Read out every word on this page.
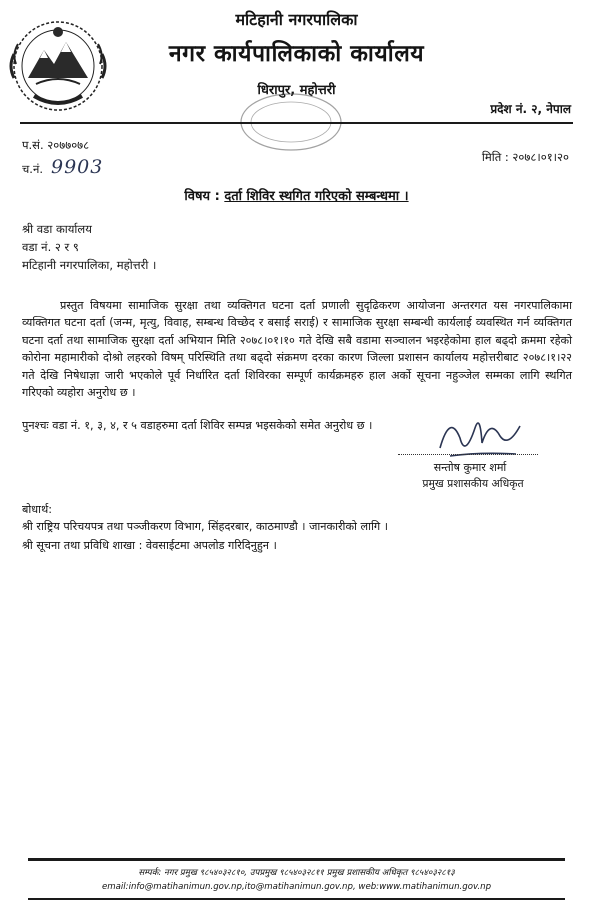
मटिहानी नगरपालिका
नगर कार्यपालिकाको कार्यालय
धिरापुर, महोत्तरी
प्रदेश नं. २, नेपाल
प.सं. २०७७०७८
च.नं. 9903	मिति : २०७८।०१।२०
विषय : दर्ता शिविर स्थगित गरिएको सम्बन्धमा ।
श्री वडा कार्यालय
वडा नं. २ र ९
मटिहानी नगरपालिका, महोत्तरी ।
प्रस्तुत विषयमा सामाजिक सुरक्षा तथा व्यक्तिगत घटना दर्ता प्रणाली सुदृढिकरण आयोजना अन्तरगत यस नगरपालिकामा व्यक्तिगत घटना दर्ता (जन्म, मृत्यु, विवाह, सम्बन्ध विच्छेद र बसाई सराई) र सामाजिक सुरक्षा सम्बन्धी कार्यलाई व्यवस्थित गर्न व्यक्तिगत घटना दर्ता तथा सामाजिक सुरक्षा दर्ता अभियान मिति २०७८।०१।१० गते देखि सबै वडामा सञ्चालन भइरहेकोमा हाल बढ्दो क्रममा रहेको कोरोना महामारीको दोश्रो लहरको विषम् परिस्थिति तथा बढ्दो संक्रमण दरका कारण जिल्ला प्रशासन कार्यालय महोत्तरीबाट २०७८।१।२२ गते देखि निषेधाज्ञा जारी भएकोले पूर्व निर्धारित दर्ता शिविरका सम्पूर्ण कार्यक्रमहरु हाल अर्को सूचना नहुञ्जेल सम्मका लागि स्थगित गरिएको व्यहोरा अनुरोध छ ।
पुनश्चः वडा नं. १, ३, ४, र ५ वडाहरुमा दर्ता शिविर सम्पन्न भइसकेको समेत अनुरोध छ ।
सन्तोष कुमार शर्मा
प्रमुख प्रशासकीय अधिकृत
बोधार्थ:
श्री राष्ट्रिय परिचयपत्र तथा पञ्जीकरण विभाग, सिंहदरबार, काठमाण्डौ । जानकारीको लागि ।
श्री सूचना तथा प्रविधि शाखा : वेवसाईटमा अपलोड गरिदिनुहुन ।
सम्पर्क: नगर प्रमुख ९८५४०३२८१०, उपप्रमुख ९८५४०३२८११ प्रमुख प्रशासकीय अधिकृत ९८५४०३२८१३
email:info@matihanimun.gov.np,ito@matihanimun.gov.np, web:www.matihanimun.gov.np
